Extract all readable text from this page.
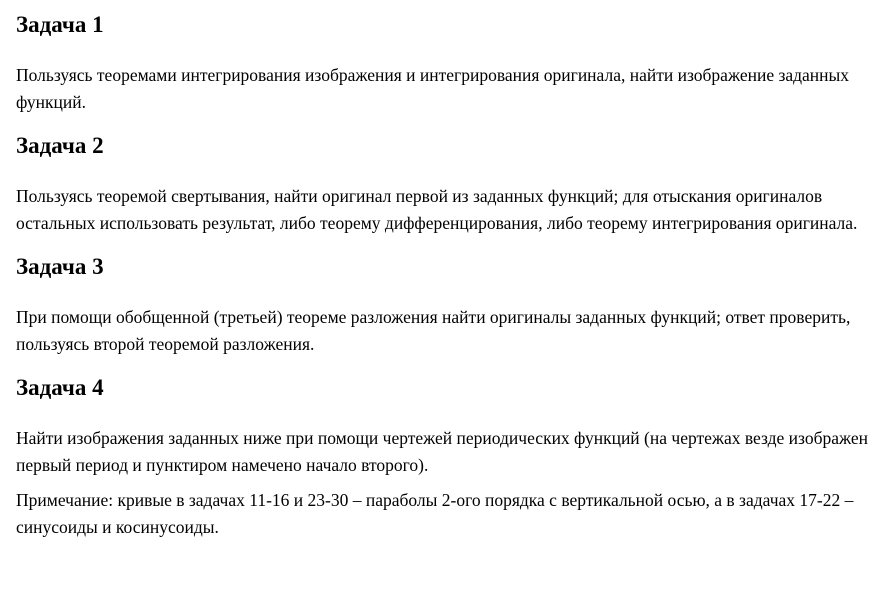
Задача 1
Пользуясь теоремами интегрирования изображения и интегрирования оригинала, найти изображение заданных функций.
Задача 2
Пользуясь теоремой свертывания, найти оригинал первой из заданных функций; для отыскания оригиналов остальных использовать результат, либо теорему дифференцирования, либо теорему интегрирования оригинала.
Задача 3
При помощи обобщенной (третьей) теореме разложения найти оригиналы заданных функций; ответ проверить, пользуясь второй теоремой разложения.
Задача 4
Найти изображения заданных ниже при помощи чертежей периодических функций (на чертежах везде изображен первый период и пунктиром намечено начало второго).
Примечание: кривые в задачах 11-16 и 23-30 – параболы 2-ого порядка с вертикальной осью, а в задачах 17-22 – синусоиды и косинусоиды.
